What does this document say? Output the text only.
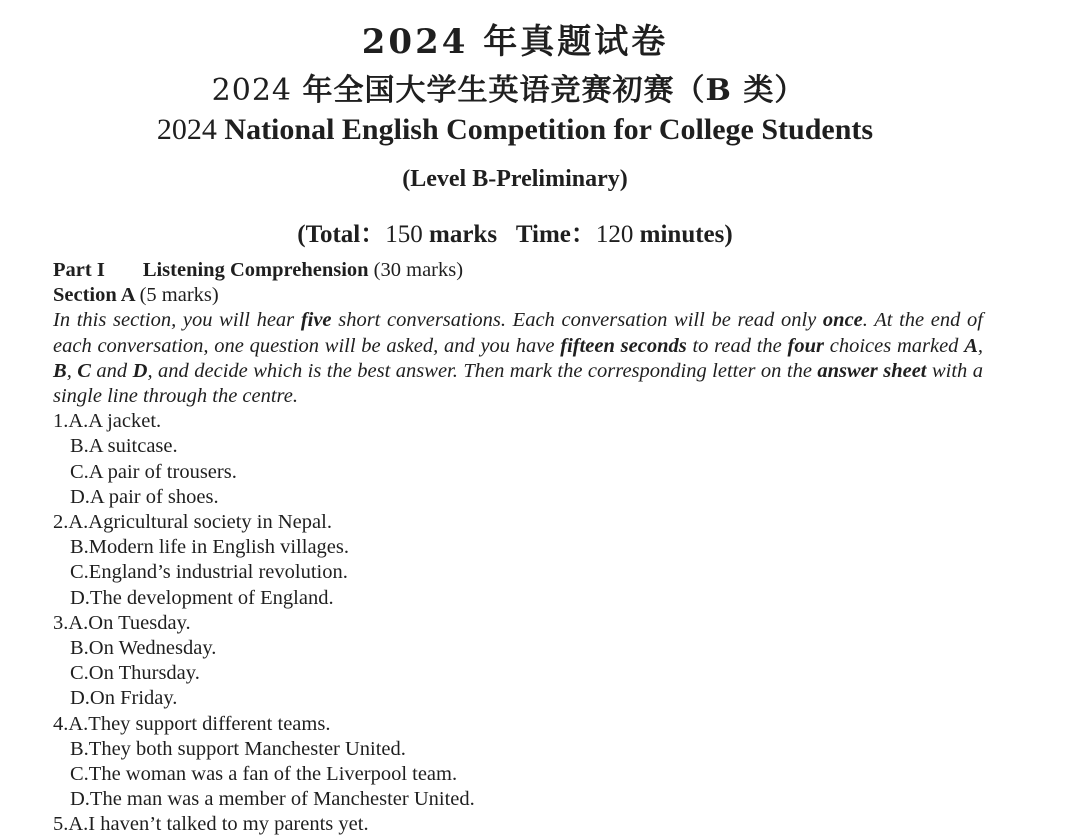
2024 年真题试卷
2024 年全国大学生英语竞赛初赛（B 类）
2024 National English Competition for College Students
(Level B-Preliminary)
(Total：150 marks Time：120 minutes)
Part I Listening Comprehension (30 marks)
Section A (5 marks)
In this section, you will hear five short conversations. Each conversation will be read only once. At the end of each conversation, one question will be asked, and you have fifteen seconds to read the four choices marked A, B, C and D, and decide which is the best answer. Then mark the corresponding letter on the answer sheet with a single line through the centre.
1.A.A jacket.
B.A suitcase.
C.A pair of trousers.
D.A pair of shoes.
2.A.Agricultural society in Nepal.
B.Modern life in English villages.
C.England’s industrial revolution.
D.The development of England.
3.A.On Tuesday.
B.On Wednesday.
C.On Thursday.
D.On Friday.
4.A.They support different teams.
B.They both support Manchester United.
C.The woman was a fan of the Liverpool team.
D.The man was a member of Manchester United.
5.A.I haven’t talked to my parents yet.
